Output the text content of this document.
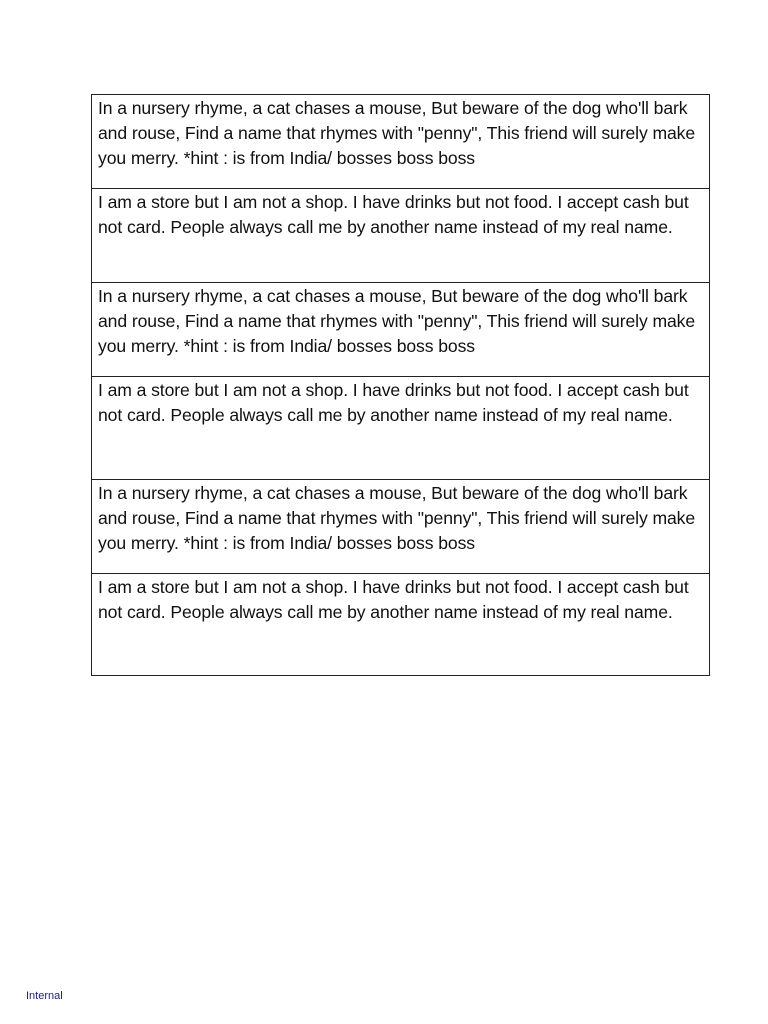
In a nursery rhyme, a cat chases a mouse, But beware of the dog who'll bark and rouse, Find a name that rhymes with "penny", This friend will surely make you merry. *hint : is from India/ bosses boss boss

I am a store but I am not a shop. I have drinks but not food. I accept cash but not card. People always call me by another name instead of my real name.

In a nursery rhyme, a cat chases a mouse, But beware of the dog who'll bark and rouse, Find a name that rhymes with "penny", This friend will surely make you merry. *hint : is from India/ bosses boss boss

I am a store but I am not a shop. I have drinks but not food. I accept cash but not card. People always call me by another name instead of my real name.

In a nursery rhyme, a cat chases a mouse, But beware of the dog who'll bark and rouse, Find a name that rhymes with "penny", This friend will surely make you merry. *hint : is from India/ bosses boss boss

I am a store but I am not a shop. I have drinks but not food. I accept cash but not card. People always call me by another name instead of my real name.
Internal
